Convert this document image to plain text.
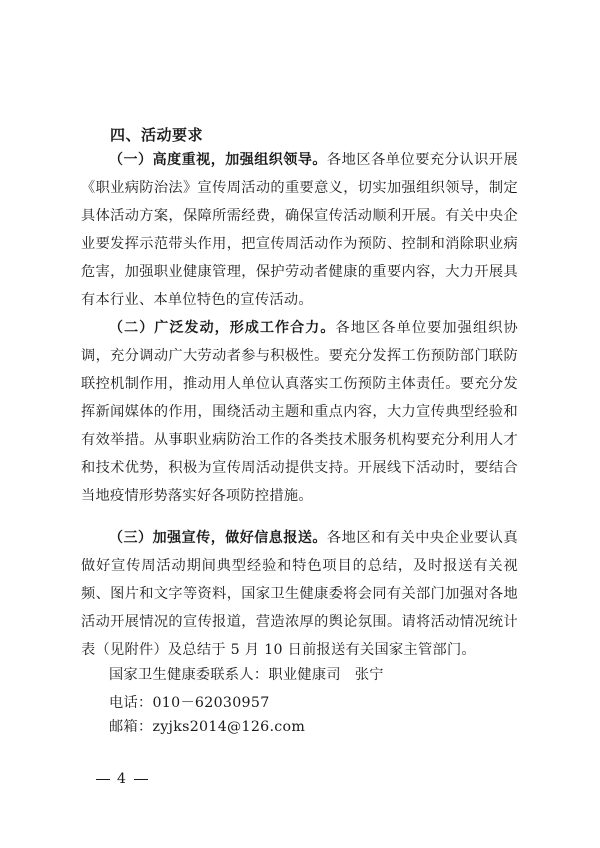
四、活动要求

（一）高度重视，加强组织领导。各地区各单位要充分认识开展《职业病防治法》宣传周活动的重要意义，切实加强组织领导，制定具体活动方案，保障所需经费，确保宣传活动顺利开展。有关中央企业要发挥示范带头作用，把宣传周活动作为预防、控制和消除职业病危害，加强职业健康管理，保护劳动者健康的重要内容，大力开展具有本行业、本单位特色的宣传活动。

（二）广泛发动，形成工作合力。各地区各单位要加强组织协调，充分调动广大劳动者参与积极性。要充分发挥工伤预防部门联防联控机制作用，推动用人单位认真落实工伤预防主体责任。要充分发挥新闻媒体的作用，围绕活动主题和重点内容，大力宣传典型经验和有效举措。从事职业病防治工作的各类技术服务机构要充分利用人才和技术优势，积极为宣传周活动提供支持。开展线下活动时，要结合当地疫情形势落实好各项防控措施。

（三）加强宣传，做好信息报送。各地区和有关中央企业要认真做好宣传周活动期间典型经验和特色项目的总结，及时报送有关视频、图片和文字等资料，国家卫生健康委将会同有关部门加强对各地活动开展情况的宣传报道，营造浓厚的舆论氛围。请将活动情况统计表（见附件）及总结于 5 月 10 日前报送有关国家主管部门。

国家卫生健康委联系人：职业健康司 张宁
电话：010－62030957
邮箱：zyjks2014@126.com
4
